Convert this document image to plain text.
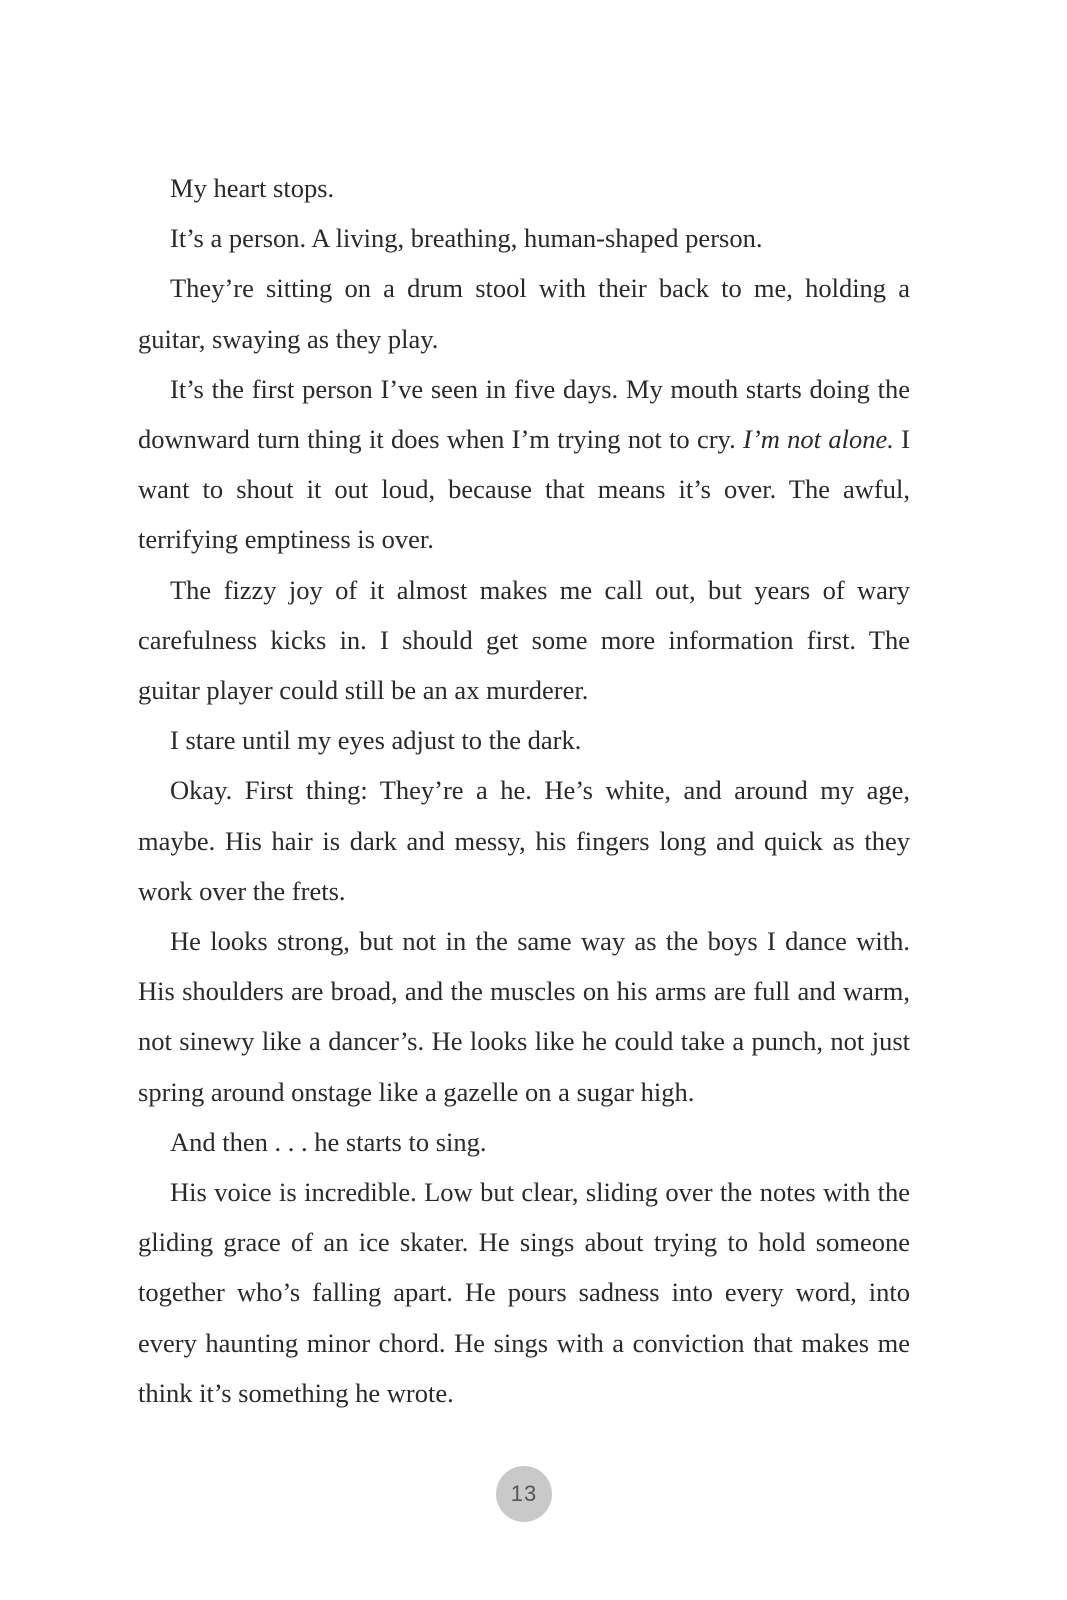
My heart stops.

It’s a person. A living, breathing, human-shaped person.

They’re sitting on a drum stool with their back to me, holding a guitar, swaying as they play.

It’s the first person I’ve seen in five days. My mouth starts doing the downward turn thing it does when I’m trying not to cry. I’m not alone. I want to shout it out loud, because that means it’s over. The awful, terrifying emptiness is over.

The fizzy joy of it almost makes me call out, but years of wary carefulness kicks in. I should get some more information first. The guitar player could still be an ax murderer.

I stare until my eyes adjust to the dark.

Okay. First thing: They’re a he. He’s white, and around my age, maybe. His hair is dark and messy, his fingers long and quick as they work over the frets.

He looks strong, but not in the same way as the boys I dance with. His shoulders are broad, and the muscles on his arms are full and warm, not sinewy like a dancer’s. He looks like he could take a punch, not just spring around onstage like a gazelle on a sugar high.

And then . . . he starts to sing.

His voice is incredible. Low but clear, sliding over the notes with the gliding grace of an ice skater. He sings about trying to hold someone together who’s falling apart. He pours sadness into every word, into every haunting minor chord. He sings with a conviction that makes me think it’s something he wrote.

13
